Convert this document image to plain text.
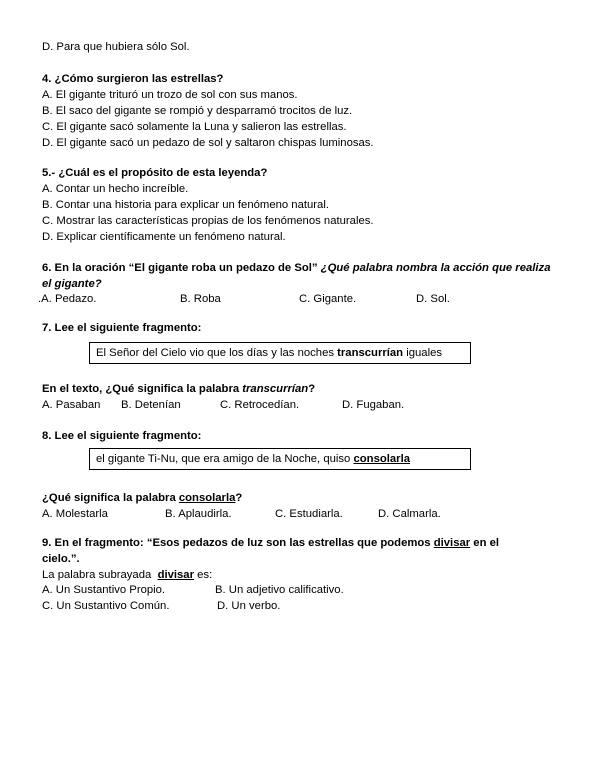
D. Para que hubiera sólo Sol.
4. ¿Cómo surgieron las estrellas?
A. El gigante trituró un trozo de sol con sus manos.
B. El saco del gigante se rompió y desparramó trocitos de luz.
C. El gigante sacó solamente la Luna y salieron las estrellas.
D. El gigante sacó un pedazo de sol y saltaron chispas luminosas.
5.- ¿Cuál es el propósito de esta leyenda?
A. Contar un hecho increíble.
B. Contar una historia para explicar un fenómeno natural.
C. Mostrar las características propias de los fenómenos naturales.
D. Explicar científicamente un fenómeno natural.
6. En la oración “El gigante roba un pedazo de Sol” ¿Qué palabra nombra la acción que realiza
el gigante?
.A. Pedazo.	B. Roba	C. Gigante.	D. Sol.
7. Lee el siguiente fragmento:
El Señor del Cielo vio que los días y las noches transcurrían iguales
En el texto, ¿Qué significa la palabra transcurrían?
A. Pasaban B. Detenían	C. Retrocedían.	D. Fugaban.
8. Lee el siguiente fragmento:
el gigante Ti-Nu, que era amigo de la Noche, quiso consolarla
¿Qué significa la palabra consolarla?
A. Molestarla	B. Aplaudirla.	C. Estudiarla.	D. Calmarla.
9. En el fragmento: “Esos pedazos de luz son las estrellas que podemos divisar en el
cielo.”.
La palabra subrayada  divisar es:
A. Un Sustantivo Propio.	B. Un adjetivo calificativo.
C. Un Sustantivo Común.	D. Un verbo.
